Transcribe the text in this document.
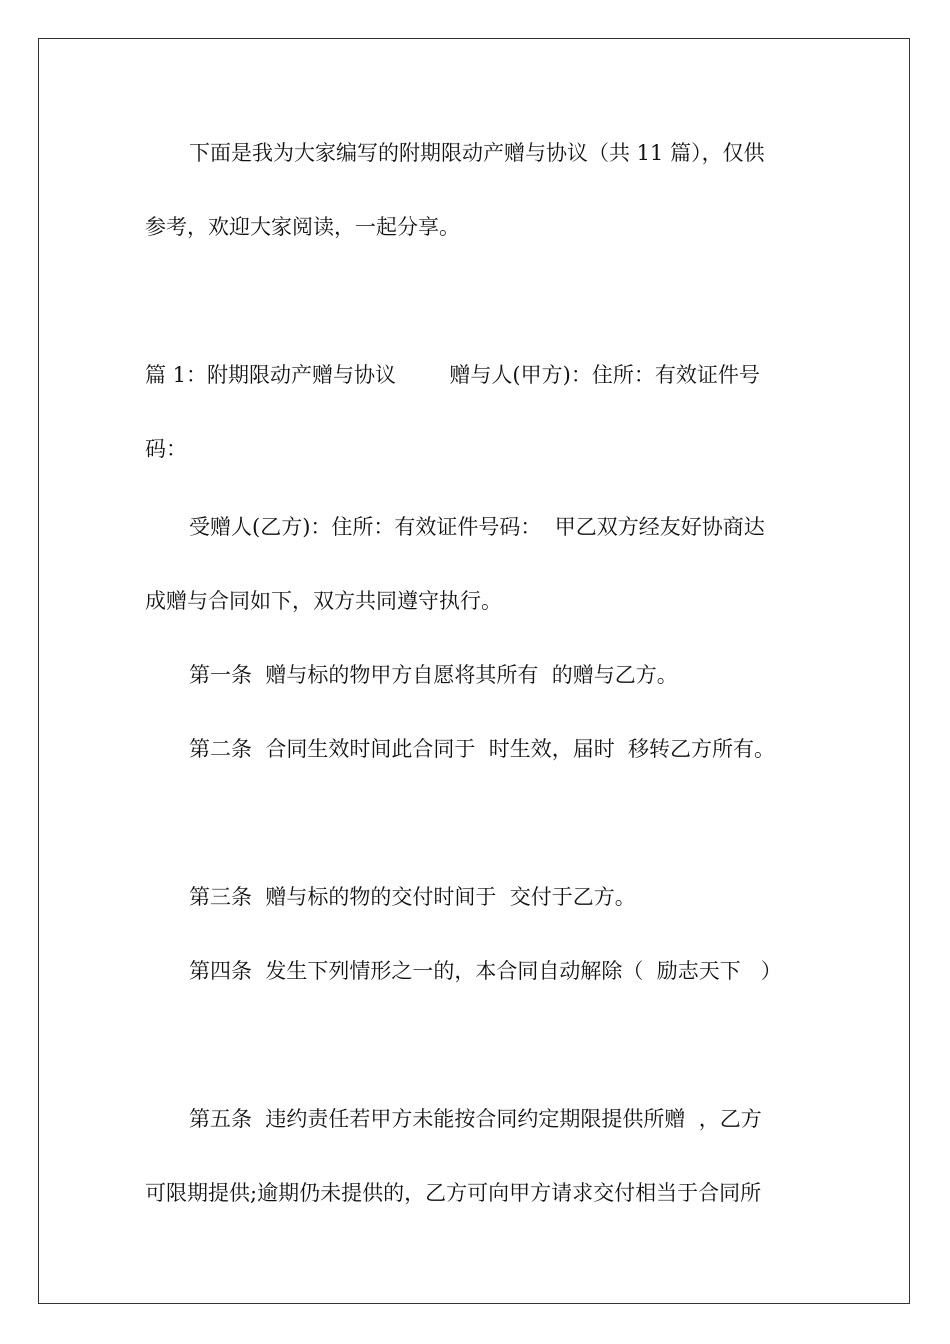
下面是我为大家编写的附期限动产赠与协议（共 11 篇），仅供
参考，欢迎大家阅读，一起分享。
篇 1：附期限动产赠与协议        赠与人(甲方)：住所：有效证件号
码：
受赠人(乙方)：住所：有效证件号码：  甲乙双方经友好协商达
成赠与合同如下，双方共同遵守执行。
第一条  赠与标的物甲方自愿将其所有  的赠与乙方。
第二条  合同生效时间此合同于  时生效，届时  移转乙方所有。
第三条  赠与标的物的交付时间于  交付于乙方。
第四条  发生下列情形之一的，本合同自动解除（  励志天下   ）
第五条  违约责任若甲方未能按合同约定期限提供所赠  ，乙方
可限期提供;逾期仍未提供的，乙方可向甲方请求交付相当于合同所
